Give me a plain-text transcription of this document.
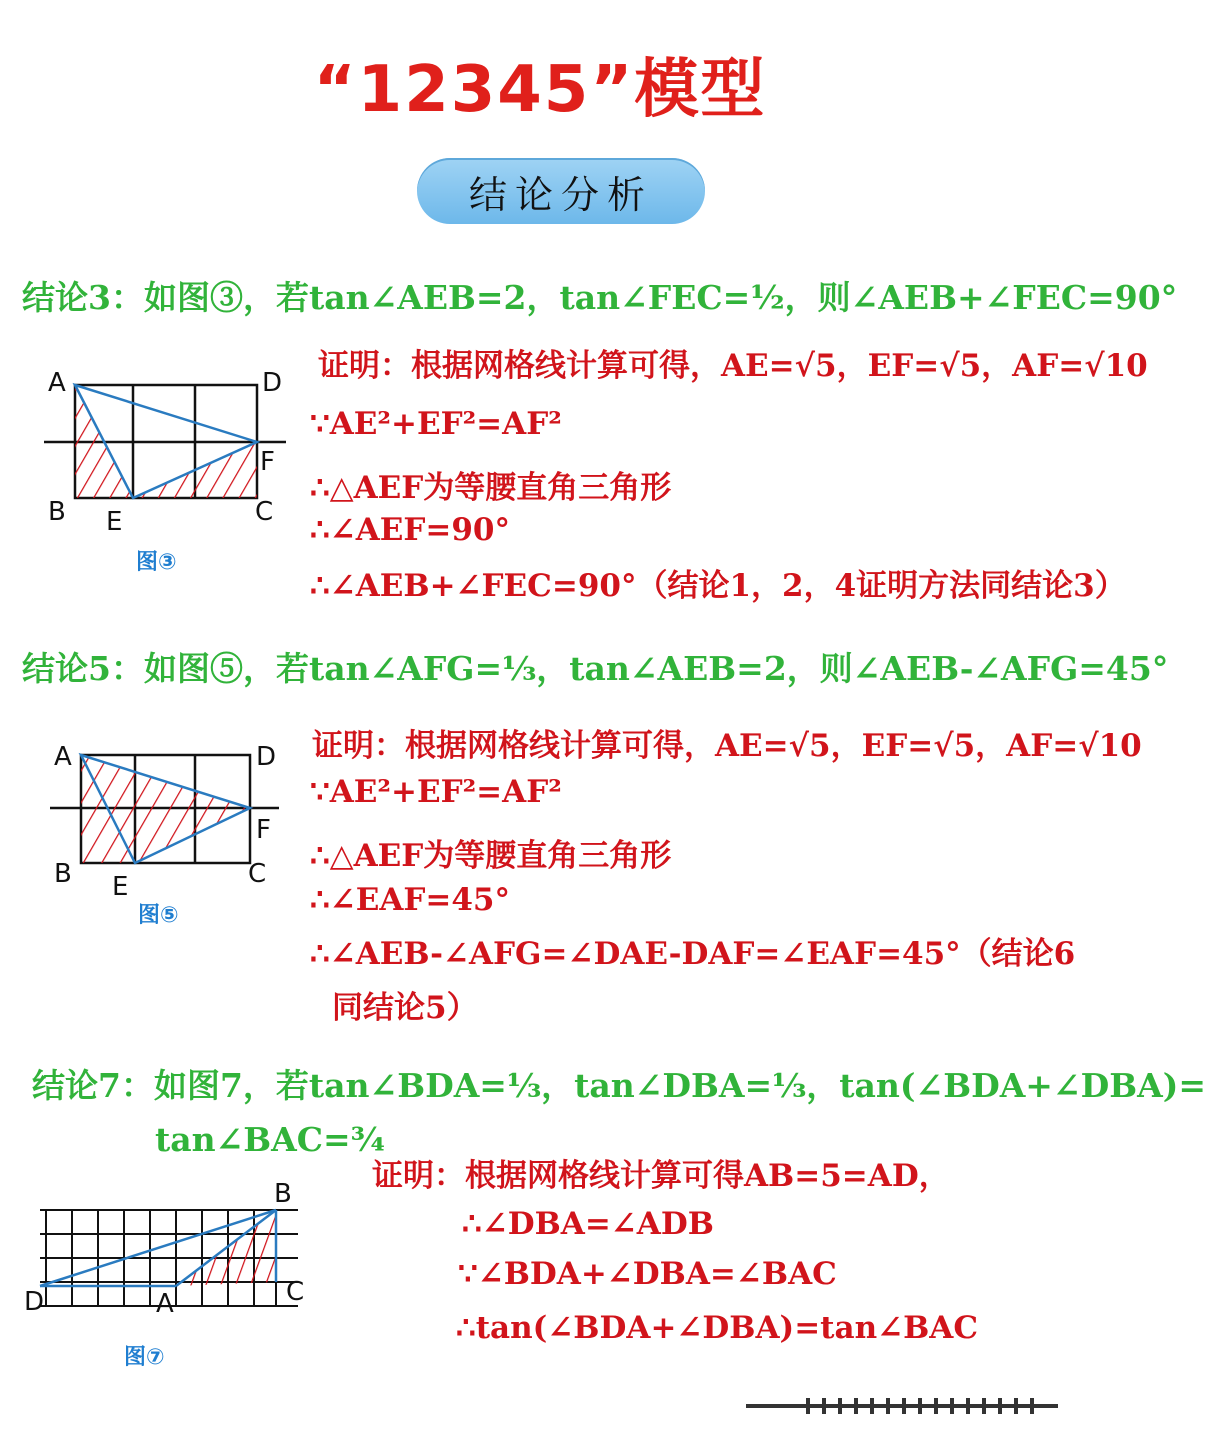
“12345”模型
结论分析
结论3：如图③，若tan∠AEB=2，tan∠FEC=½，则∠AEB+∠FEC=90°
证明：根据网格线计算可得，AE=√5，EF=√5，AF=√10
∵AE²+EF²=AF²
∴△AEF为等腰直角三角形
∴∠AEF=90°
∴∠AEB+∠FEC=90°（结论1，2，4证明方法同结论3）
A	D
F
B E	C
图③
结论5：如图⑤，若tan∠AFG=⅓，tan∠AEB=2，则∠AEB-∠AFG=45°
证明：根据网格线计算可得，AE=√5，EF=√5，AF=√10
∵AE²+EF²=AF²
∴△AEF为等腰直角三角形
∴∠EAF=45°
∴∠AEB-∠AFG=∠DAE-DAF=∠EAF=45°（结论6
同结论5）
A	D
F
B E	C
图⑤
结论7：如图7，若tan∠BDA=⅓，tan∠DBA=⅓，tan(∠BDA+∠DBA)=
tan∠BAC=¾
证明：根据网格线计算可得AB=5=AD，
∴∠DBA=∠ADB
∵∠BDA+∠DBA=∠BAC
∴tan(∠BDA+∠DBA)=tan∠BAC
B
C
D	A
图⑦
